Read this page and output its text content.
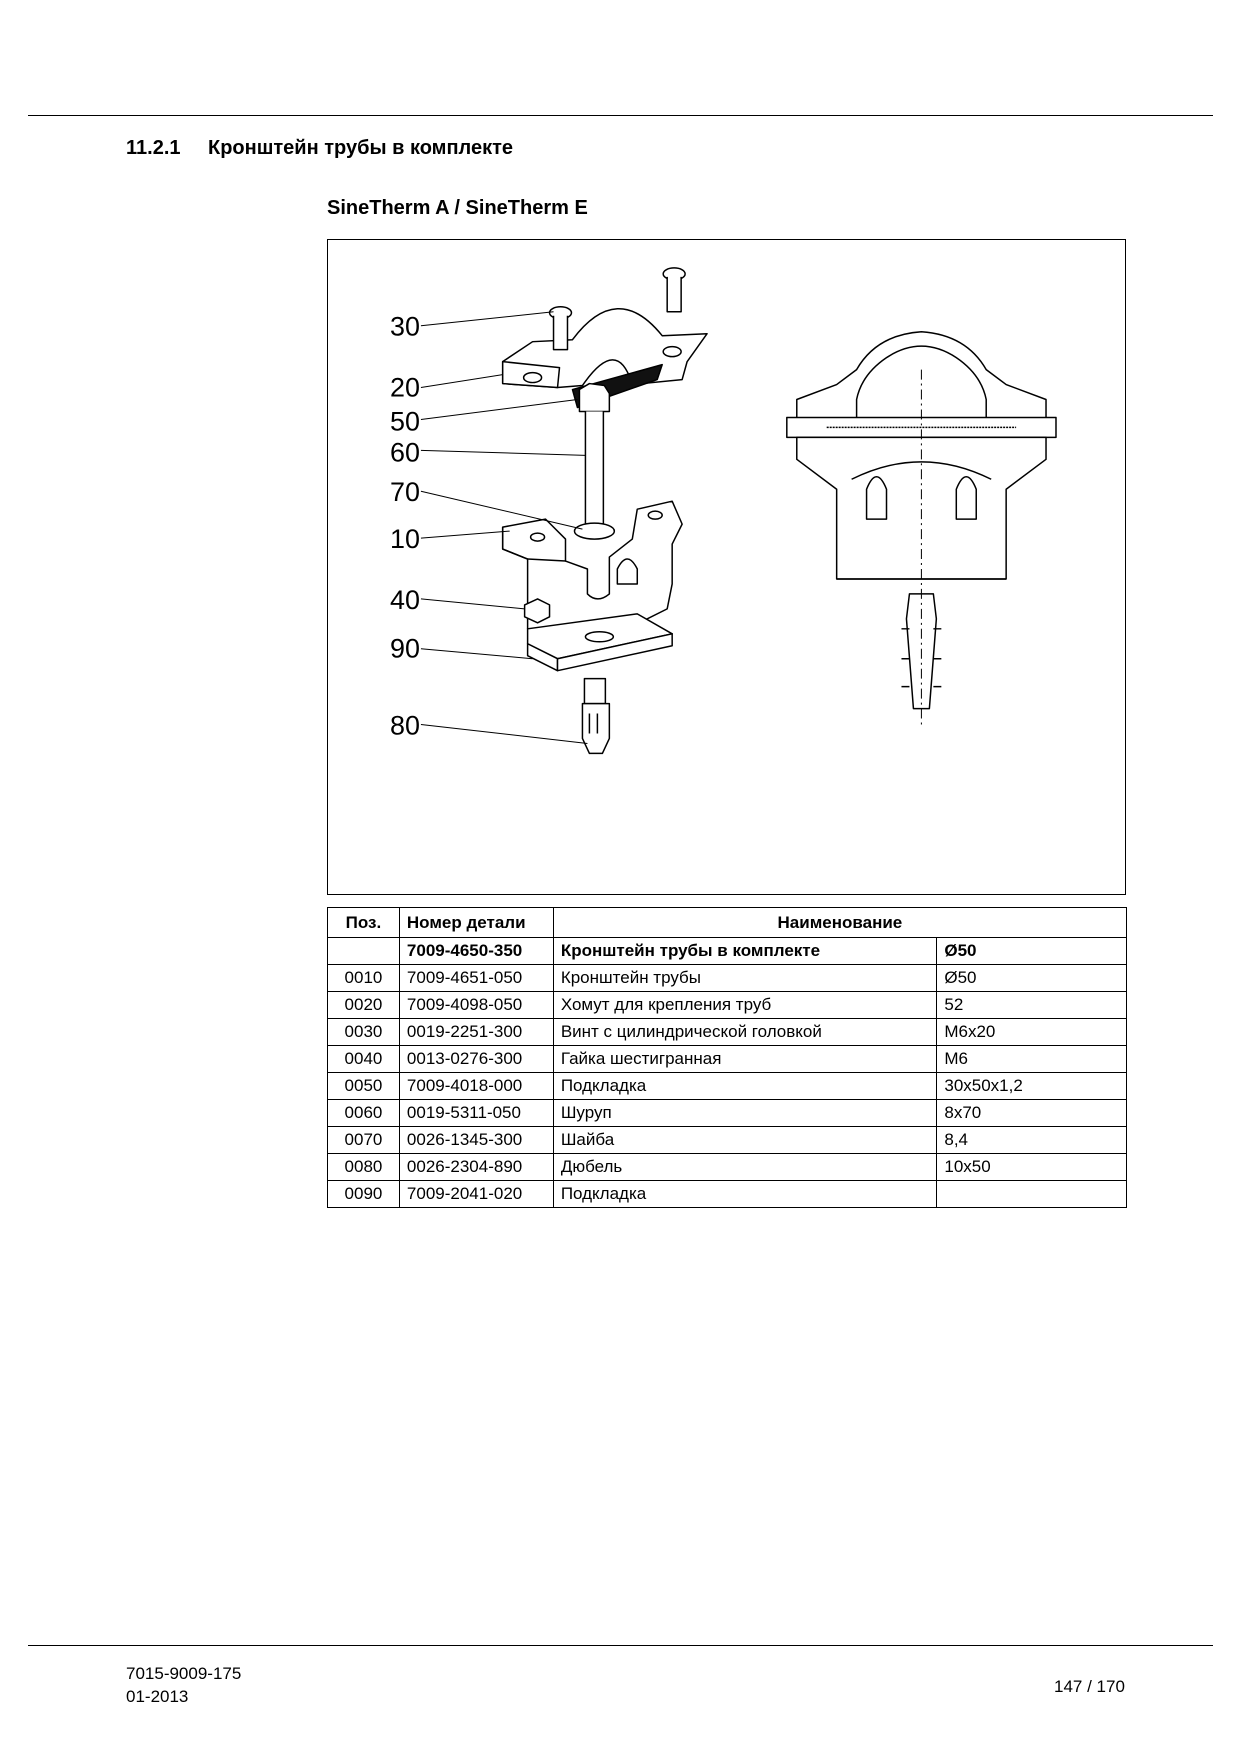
11.2.1 Кронштейн трубы в комплекте
SineTherm A / SineTherm E
30
20
50
60
70
10
40
90
80
Поз.	Номер детали	Наименование	
	7009-4650-350	Кронштейн трубы в комплекте	Ø50
0010	7009-4651-050	Кронштейн трубы	Ø50
0020	7009-4098-050	Хомут для крепления труб	52
0030	0019-2251-300	Винт с цилиндрической головкой	M6x20
0040	0013-0276-300	Гайка шестигранная	M6
0050	7009-4018-000	Подкладка	30x50x1,2
0060	0019-5311-050	Шуруп	8x70
0070	0026-1345-300	Шайба	8,4
0080	0026-2304-890	Дюбель	10x50
0090	7009-2041-020	Подкладка	
7015-9009-175
01-2013
147 / 170
